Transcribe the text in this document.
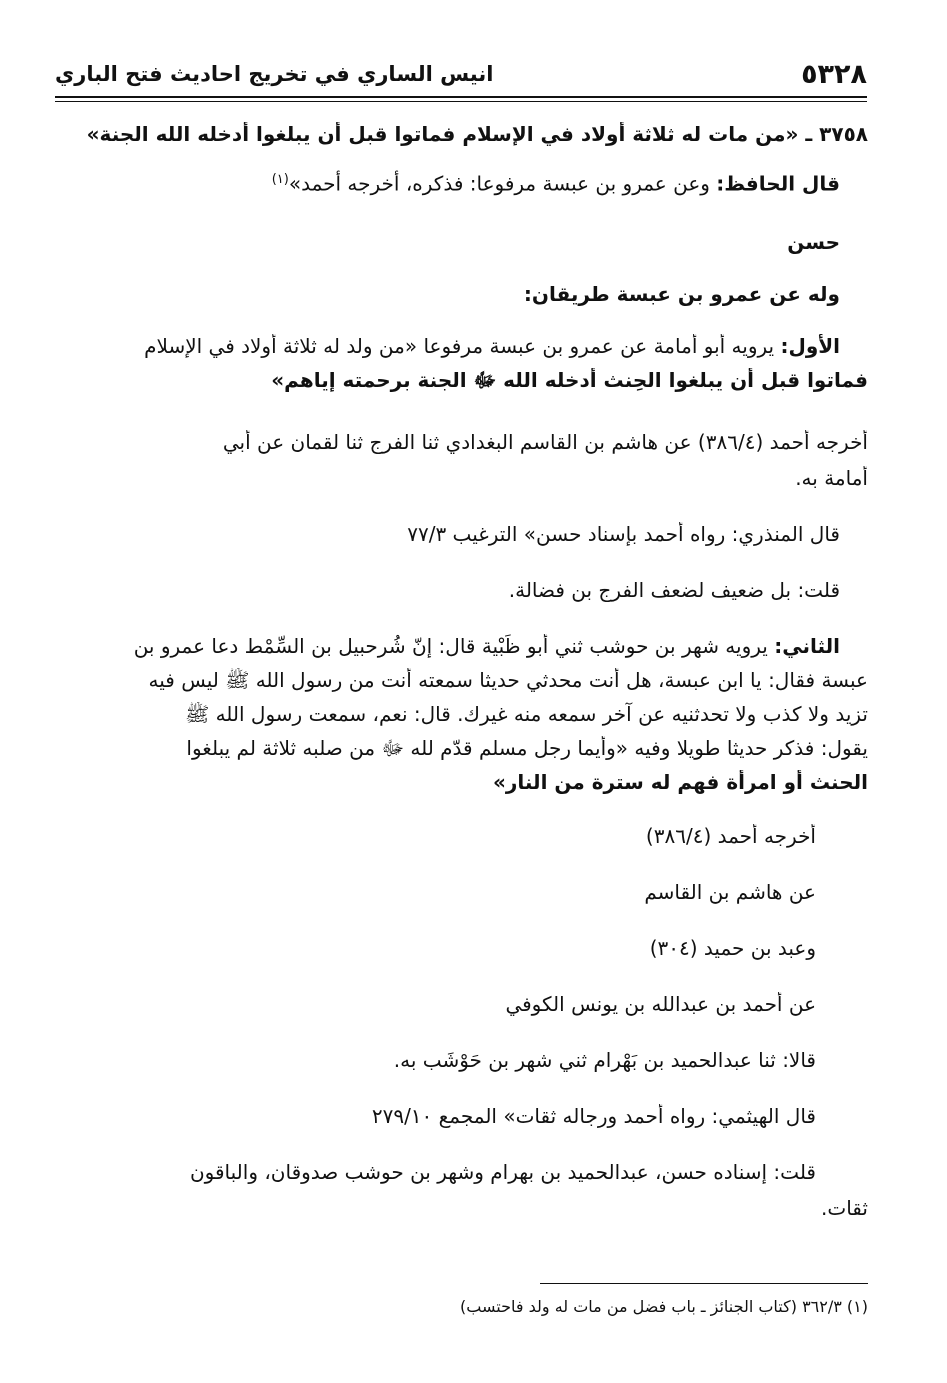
٥٣٢٨
انيس الساري في تخريج احاديث فتح الباري
٣٧٥٨ ـ «من مات له ثلاثة أولاد في الإسلام فماتوا قبل أن يبلغوا أدخله الله الجنة»
قال الحافظ: وعن عمرو بن عبسة مرفوعا: فذكره، أخرجه أحمد»$^{(١)}$
حسن
وله عن عمرو بن عبسة طريقان:
الأول: يرويه أبو أمامة عن عمرو بن عبسة مرفوعا «من ولد له ثلاثة أولاد في الإسلام
فماتوا قبل أن يبلغوا الحِنث أدخله الله ﷻ الجنة برحمته إياهم»
أخرجه أحمد (٣٨٦/٤) عن هاشم بن القاسم البغدادي ثنا الفرج ثنا لقمان عن أبي
أمامة به.
قال المنذري: رواه أحمد بإسناد حسن» الترغيب ٧٧/٣
قلت: بل ضعيف لضعف الفرج بن فضالة.
الثاني: يرويه شهر بن حوشب ثني أبو ظَبْية قال: إنّ شُرحبيل بن السِّمْط دعا عمرو بن
عبسة فقال: يا ابن عبسة، هل أنت محدثي حديثا سمعته أنت من رسول الله ﷺ ليس فيه
تزيد ولا كذب ولا تحدثنيه عن آخر سمعه منه غيرك. قال: نعم، سمعت رسول الله ﷺ
يقول: فذكر حديثا طويلا وفيه «وأيما رجل مسلم قدّم لله ﷻ من صلبه ثلاثة لم يبلغوا
الحنث أو امرأة فهم له سترة من النار»
أخرجه أحمد (٣٨٦/٤)
عن هاشم بن القاسم
وعبد بن حميد (٣٠٤)
عن أحمد بن عبدالله بن يونس الكوفي
قالا: ثنا عبدالحميد بن بَهْرام ثني شهر بن حَوْشَب به.
قال الهيثمي: رواه أحمد ورجاله ثقات» المجمع ٢٧٩/١٠
قلت: إسناده حسن، عبدالحميد بن بهرام وشهر بن حوشب صدوقان، والباقون
ثقات.
(١) ٣٦٢/٣ (كتاب الجنائز ـ باب فضل من مات له ولد فاحتسب)
